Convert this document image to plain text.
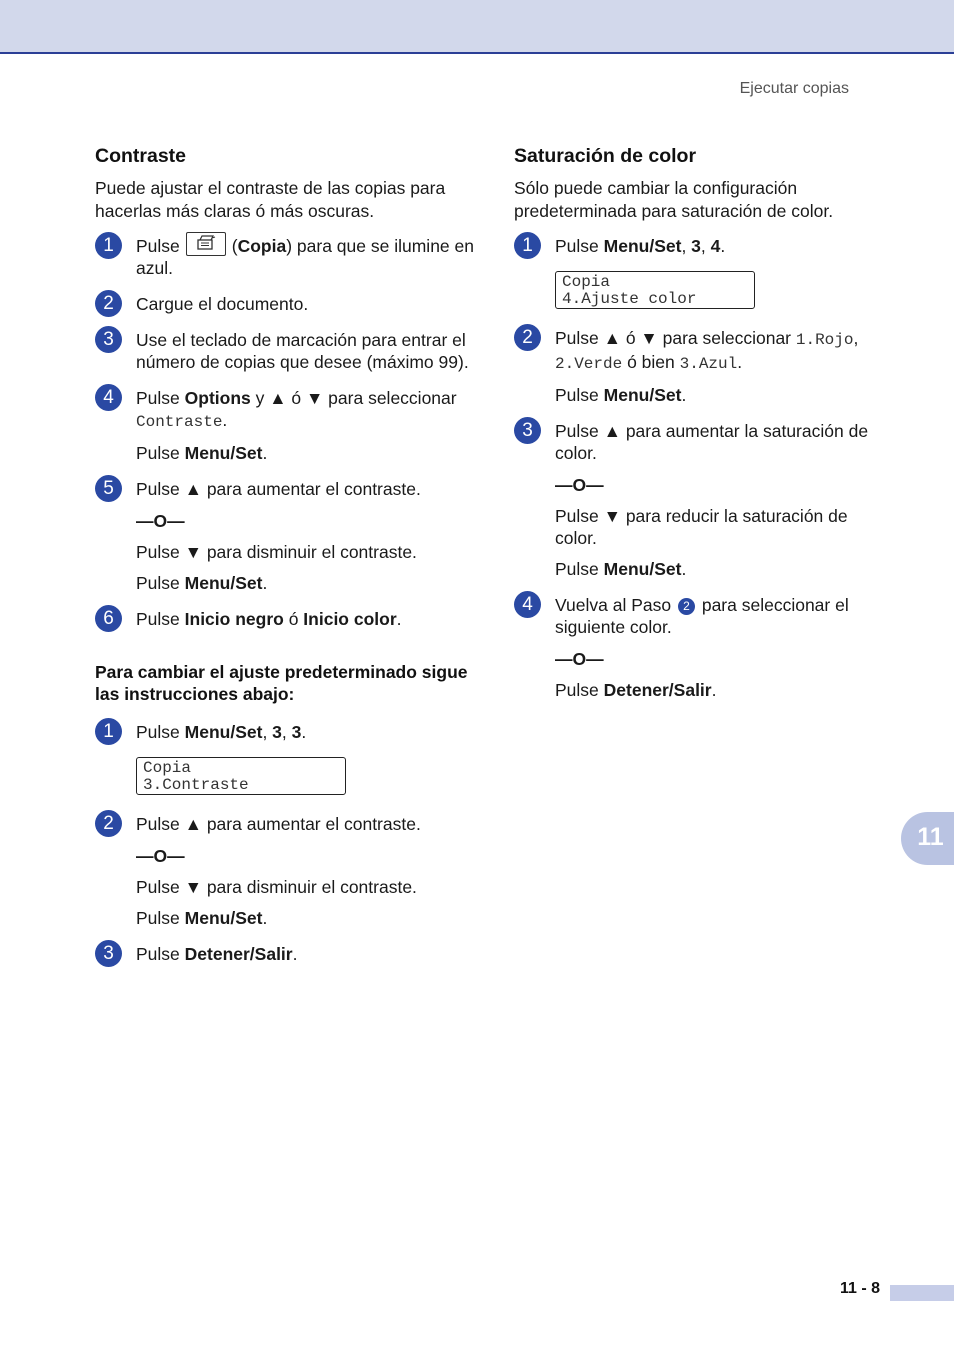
Ejecutar copias
Contraste

Puede ajustar el contraste de las copias para hacerlas más claras ó más oscuras.

1	Pulse	(Copia) para que se ilumine en azul.

2	Cargue el documento.

3	Use el teclado de marcación para entrar el número de copias que desee (máximo 99).

4	Pulse Options y ▲ ó ▼ para seleccionar Contraste.

Pulse Menu/Set.

5	Pulse ▲ para aumentar el contraste.

—O—

Pulse ▼ para disminuir el contraste.

Pulse Menu/Set.

6	Pulse Inicio negro ó Inicio color.

Para cambiar el ajuste predeterminado sigue las instrucciones abajo:
1	Pulse Menu/Set, 3, 3.

Copia
3.Contraste
2	Pulse ▲ para aumentar el contraste.

—O—

Pulse ▼ para disminuir el contraste.

Pulse Menu/Set.

3	Pulse Detener/Salir.

Saturación de color

Sólo puede cambiar la configuración predeterminada para saturación de color.

1	Pulse Menu/Set, 3, 4.

Copia
4.Ajuste color
2	Pulse ▲ ó ▼ para seleccionar 1.Rojo, 2.Verde ó bien 3.Azul.

Pulse Menu/Set.

3	Pulse ▲ para aumentar la saturación de color.

—O—

Pulse ▼ para reducir la saturación de color.

Pulse Menu/Set.

4	Vuelva al Paso 2 para seleccionar el siguiente color.

—O—

Pulse Detener/Salir.

11
11 - 8
